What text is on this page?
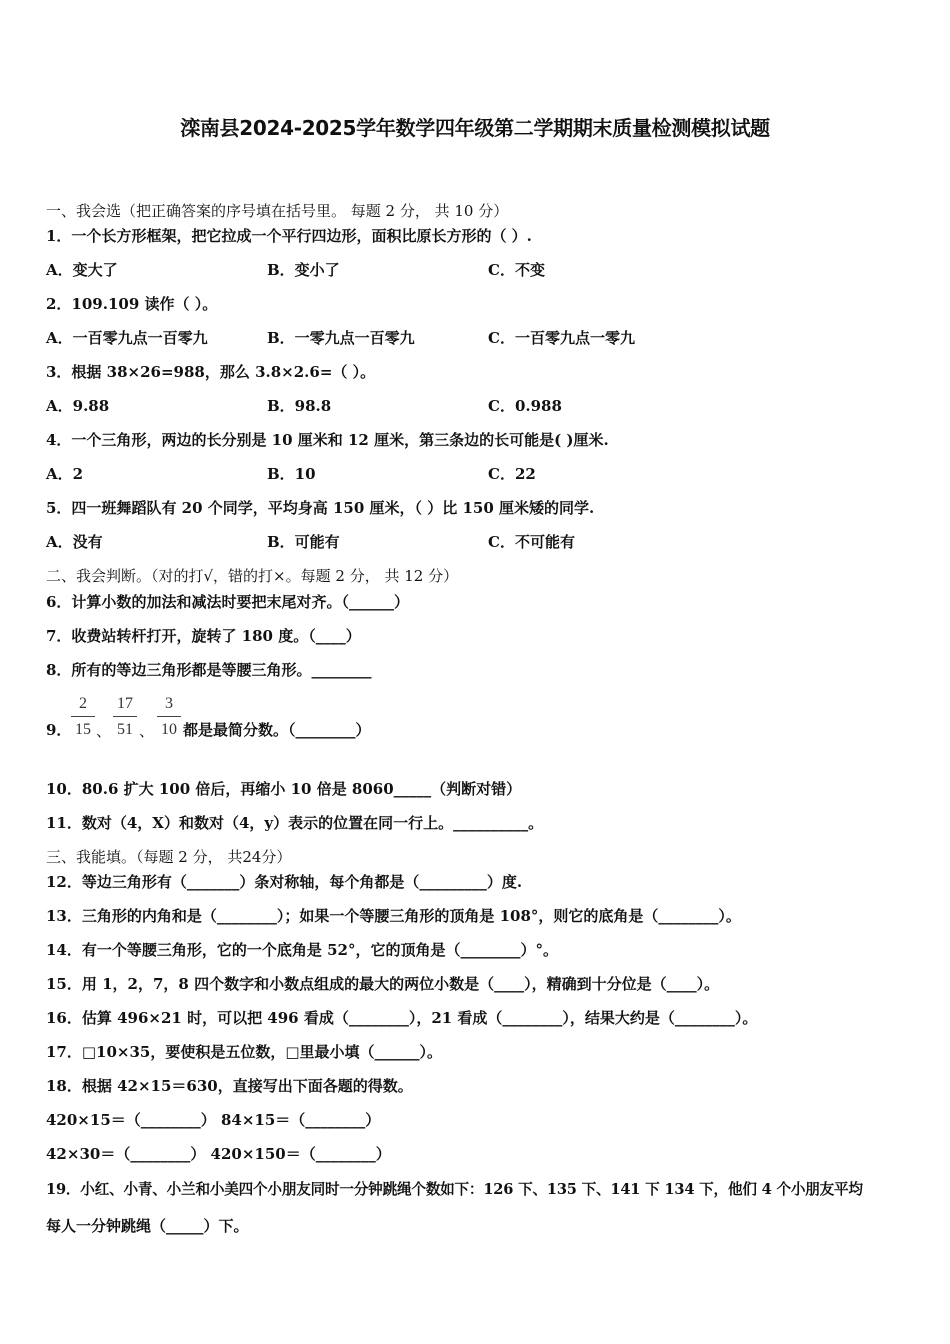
滦南县2024-2025学年数学四年级第二学期期末质量检测模拟试题
一、我会选（把正确答案的序号填在括号里。 每题 2 分， 共 10 分）
1．一个长方形框架，把它拉成一个平行四边形，面积比原长方形的（ ）.
A．变大了	B．变小了	C．不变
2．109.109 读作（ ）。
A．一百零九点一百零九	B．一零九点一百零九	C．一百零九点一零九
3．根据 38×26=988，那么 3.8×2.6=（ ）。
A．9.88	B．98.8	C．0.988
4．一个三角形，两边的长分别是 10 厘米和 12 厘米，第三条边的长可能是( )厘米.
A．2	B．10	C．22
5．四一班舞蹈队有 20 个同学，平均身高 150 厘米，（ ）比 150 厘米矮的同学.
A．没有	B．可能有	C．不可能有
二、我会判断。（对的打√，错的打×。每题 2 分， 共 12 分）
6．计算小数的加法和减法时要把末尾对齐。（______）
7．收费站转杆打开，旋转了 180 度。（____）
8．所有的等边三角形都是等腰三角形。________
9．
2
15 、
17
51 、
3
10 都是最简分数。（________）
10．80.6 扩大 100 倍后，再缩小 10 倍是 8060_____（判断对错）
11．数对（4，X）和数对（4，y）表示的位置在同一行上。__________。
三、我能填。（每题 2 分， 共24分）
12．等边三角形有（_______）条对称轴，每个角都是（_________）度.
13．三角形的内角和是（________）；如果一个等腰三角形的顶角是 108°，则它的底角是（________）。
14．有一个等腰三角形，它的一个底角是 52°，它的顶角是（________）°。
15．用 1，2，7，8 四个数字和小数点组成的最大的两位小数是（____），精确到十分位是（____）。
16．估算 496×21 时，可以把 496 看成（________），21 看成（________），结果大约是（________）。
17．□10×35，要使积是五位数，□里最小填（______）。
18．根据 42×15＝630，直接写出下面各题的得数。
420×15＝（________） 84×15＝（________）
42×30＝（________） 420×150＝（________）
19．小红、小青、小兰和小美四个小朋友同时一分钟跳绳个数如下：126 下、135 下、141 下 134 下，他们 4 个小朋友平均
每人一分钟跳绳（_____）下。
